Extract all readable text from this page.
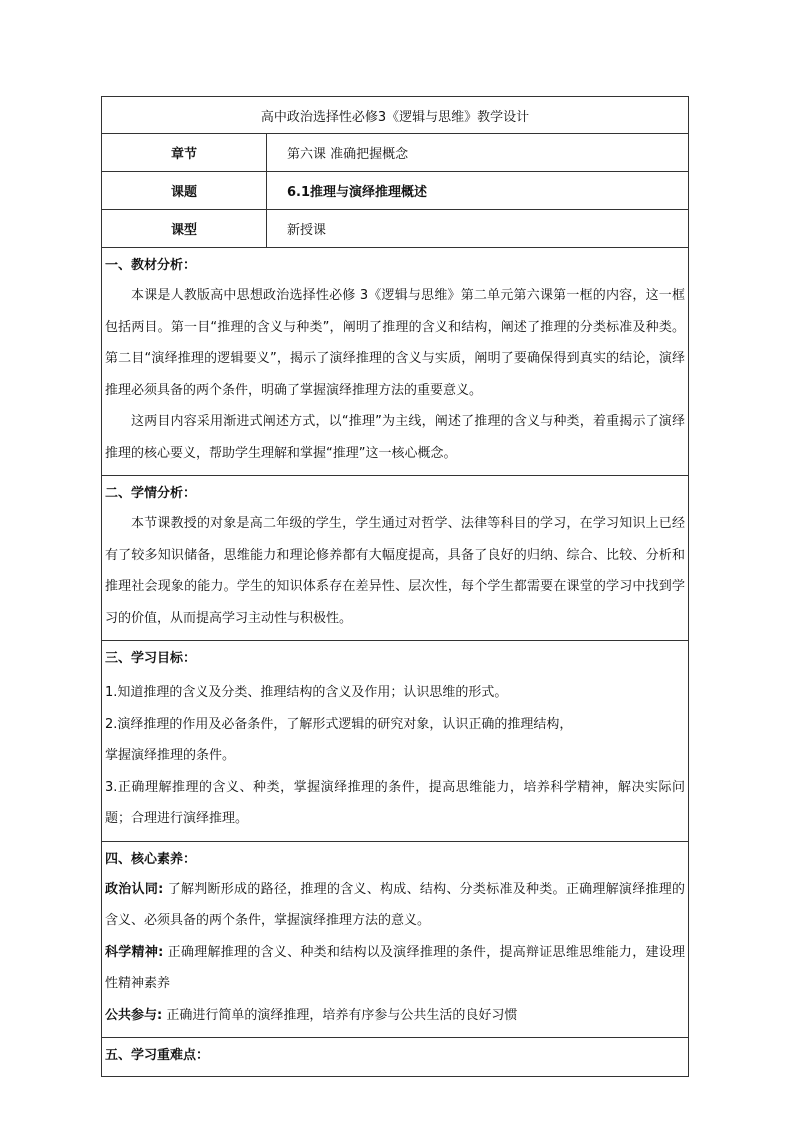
高中政治选择性必修3《逻辑与思维》教学设计	
章节	第六课 准确把握概念
课题	6.1推理与演绎推理概述
课型	新授课

一、教材分析：

本课是人教版高中思想政治选择性必修 3《逻辑与思维》第二单元第六课第一框的内容，这一框包括两目。第一目“推理的含义与种类”，阐明了推理的含义和结构，阐述了推理的分类标准及种类。第二目“演绎推理的逻辑要义”，揭示了演绎推理的含义与实质，阐明了要确保得到真实的结论，演绎推理必须具备的两个条件，明确了掌握演绎推理方法的重要意义。

这两目内容采用渐进式阐述方式，以“推理”为主线，阐述了推理的含义与种类，着重揭示了演绎推理的核心要义，帮助学生理解和掌握“推理”这一核心概念。	

二、学情分析：

本节课教授的对象是高二年级的学生，学生通过对哲学、法律等科目的学习，在学习知识上已经有了较多知识储备，思维能力和理论修养都有大幅度提高，具备了良好的归纳、综合、比较、分析和推理社会现象的能力。学生的知识体系存在差异性、层次性，每个学生都需要在课堂的学习中找到学习的价值，从而提高学习主动性与积极性。	

三、学习目标：

1.知道推理的含义及分类、推理结构的含义及作用；认识思维的形式。

2.演绎推理的作用及必备条件，了解形式逻辑的研究对象，认识正确的推理结构，

掌握演绎推理的条件。

3.正确理解推理的含义、种类，掌握演绎推理的条件，提高思维能力，培养科学精神，解决实际问题；合理进行演绎推理。	

四、核心素养：

政治认同: 了解判断形成的路径，推理的含义、构成、结构、分类标准及种类。正确理解演绎推理的含义、必须具备的两个条件，掌握演绎推理方法的意义。

科学精神: 正确理解推理的含义、种类和结构以及演绎推理的条件，提高辩证思维思维能力，建设理性精神素养

公共参与: 正确进行简单的演绎推理，培养有序参与公共生活的良好习惯	

五、学习重难点：	
